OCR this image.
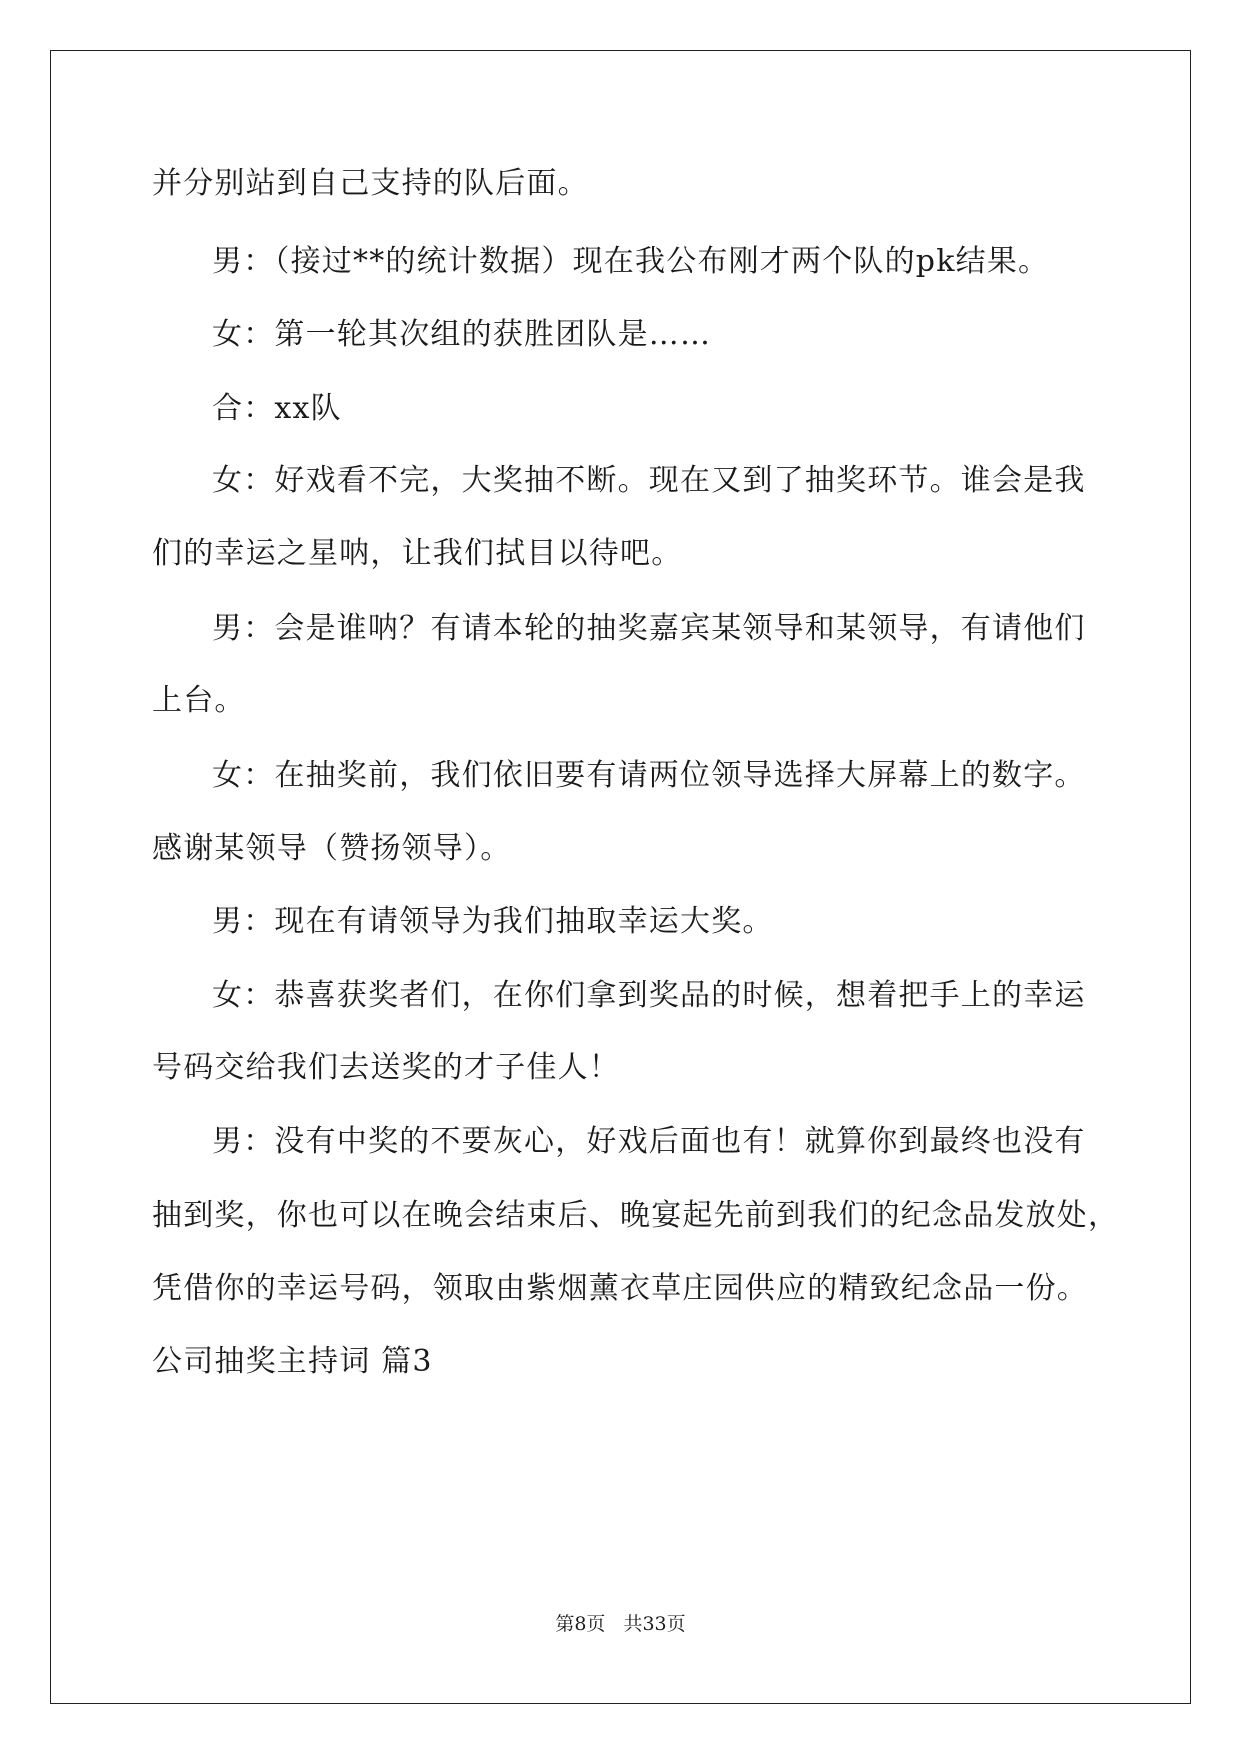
并分别站到自己支持的队后面。
男：（接过**的统计数据）现在我公布刚才两个队的pk结果。
女：第一轮其次组的获胜团队是……
合：xx队
女：好戏看不完，大奖抽不断。现在又到了抽奖环节。谁会是我
们的幸运之星呐，让我们拭目以待吧。
男：会是谁呐？有请本轮的抽奖嘉宾某领导和某领导，有请他们
上台。
女：在抽奖前，我们依旧要有请两位领导选择大屏幕上的数字。
感谢某领导（赞扬领导）。
男：现在有请领导为我们抽取幸运大奖。
女：恭喜获奖者们，在你们拿到奖品的时候，想着把手上的幸运
号码交给我们去送奖的才子佳人！
男：没有中奖的不要灰心，好戏后面也有！就算你到最终也没有
抽到奖，你也可以在晚会结束后、晚宴起先前到我们的纪念品发放处，
凭借你的幸运号码，领取由紫烟薰衣草庄园供应的精致纪念品一份。
公司抽奖主持词 篇3
第8页 共33页
